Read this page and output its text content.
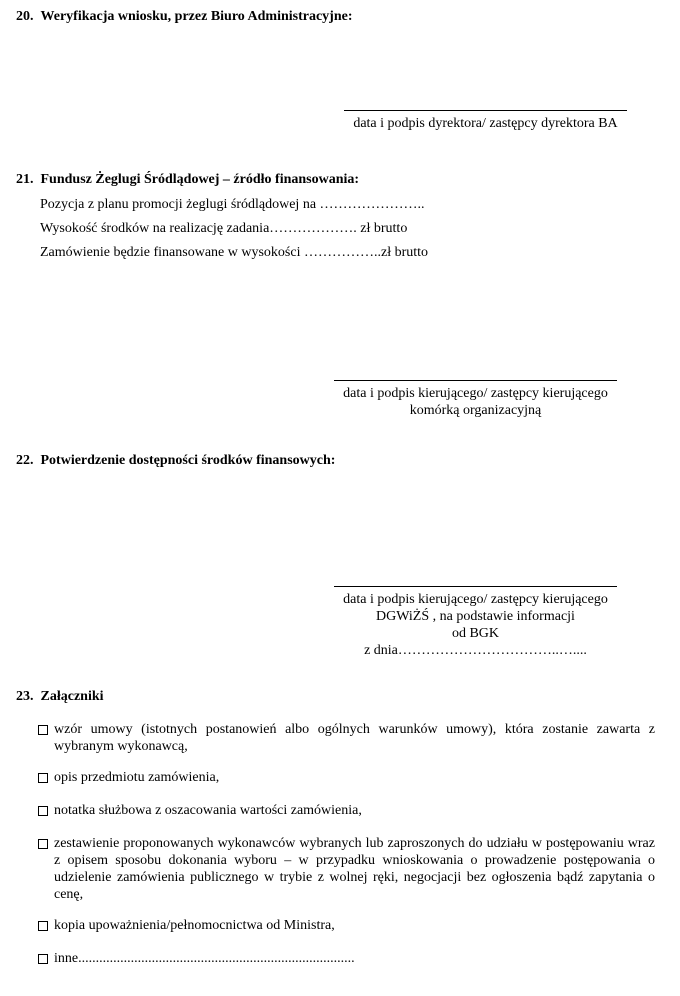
20. Weryfikacja wniosku, przez Biuro Administracyjne:
data i podpis dyrektora/ zastępcy dyrektora BA
21. Fundusz Żeglugi Śródlądowej – źródło finansowania:
Pozycja z planu promocji żeglugi śródlądowej na …………………..
Wysokość środków na realizację zadania………………. zł brutto
Zamówienie będzie finansowane w wysokości ……………..zł brutto
data i podpis kierującego/ zastępcy kierującego
komórką organizacyjną
22. Potwierdzenie dostępności środków finansowych:
data i podpis kierującego/ zastępcy kierującego
DGWiŻŚ , na podstawie informacji
od BGK
z dnia……………………………..…....
23. Załączniki
wzór umowy (istotnych postanowień albo ogólnych warunków umowy), która zostanie zawarta z wybranym wykonawcą,
opis przedmiotu zamówienia,
notatka służbowa z oszacowania wartości zamówienia,
zestawienie proponowanych wykonawców wybranych lub zaproszonych do udziału w postępowaniu wraz z opisem sposobu dokonania wyboru – w przypadku wnioskowania o prowadzenie postępowania o udzielenie zamówienia publicznego w trybie z wolnej ręki, negocjacji bez ogłoszenia bądź zapytania o cenę,
kopia upoważnienia/pełnomocnictwa od Ministra,
inne...............................................................................
